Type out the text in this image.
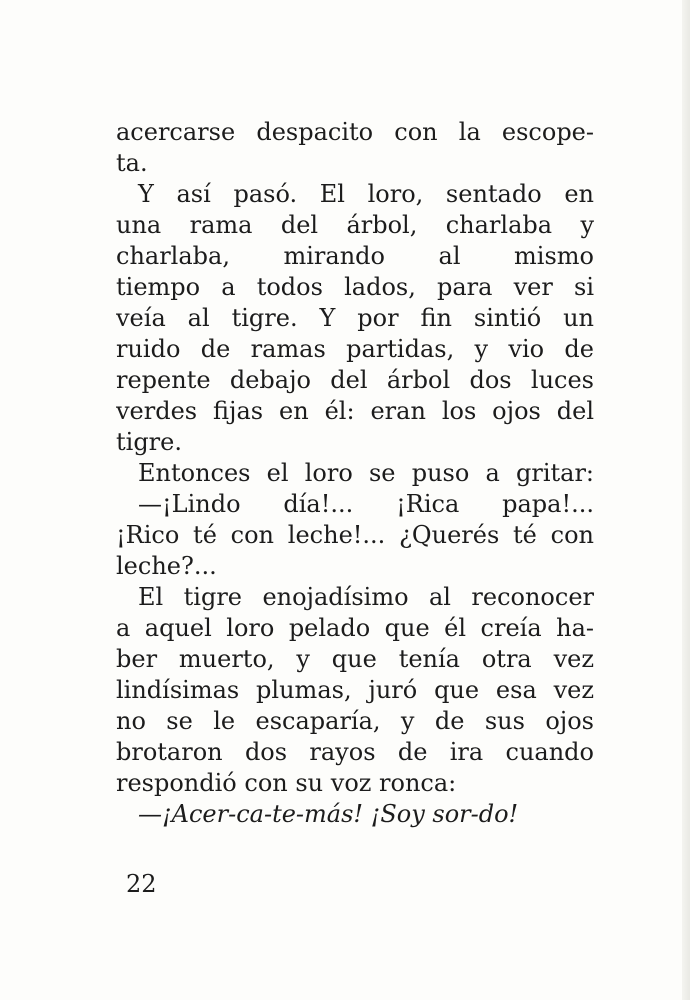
acercarse despacito con la escope-
ta.
Y así pasó. El loro, sentado en
una rama del árbol, charlaba y
charlaba, mirando al mismo
tiempo a todos lados, para ver si
veía al tigre. Y por fin sintió un
ruido de ramas partidas, y vio de
repente debajo del árbol dos luces
verdes fijas en él: eran los ojos del
tigre.
Entonces el loro se puso a gritar:
—¡Lindo día!... ¡Rica papa!...
¡Rico té con leche!... ¿Querés té con
leche?...
El tigre enojadísimo al reconocer
a aquel loro pelado que él creía ha-
ber muerto, y que tenía otra vez
lindísimas plumas, juró que esa vez
no se le escaparía, y de sus ojos
brotaron dos rayos de ira cuando
respondió con su voz ronca:
—¡Acer-ca-te-más! ¡Soy sor-do!
22
